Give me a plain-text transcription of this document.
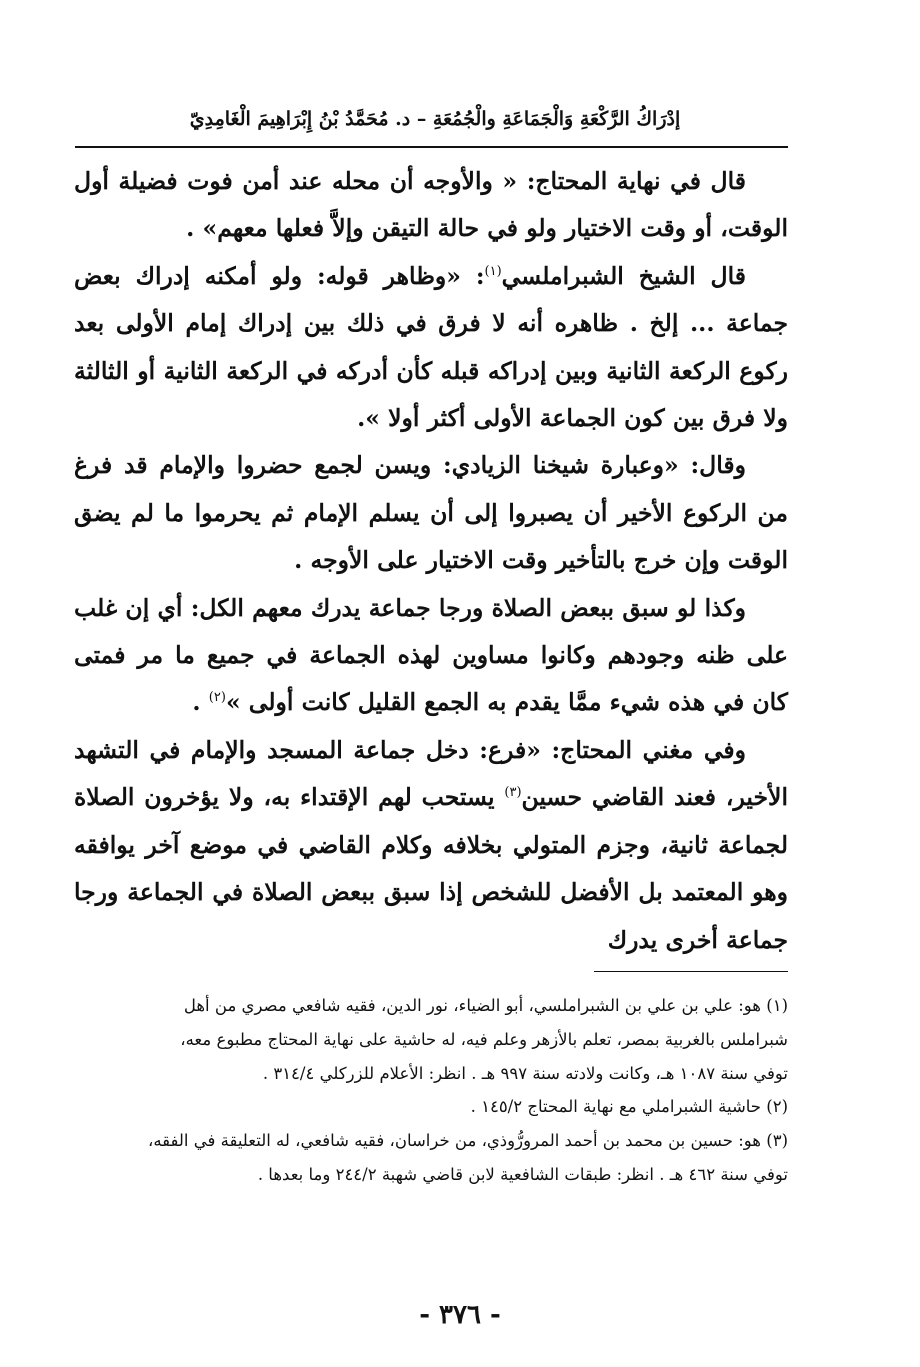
إدْرَاكُ الرَّكْعَةِ وَالْجَمَاعَةِ والْجُمُعَةِ – د. مُحَمَّدُ بْنُ إِبْرَاهِيمَ الْغَامِدِيّ

قال في نهاية المحتاج: « والأوجه أن محله عند أمن فوت فضيلة أول الوقت، أو وقت الاختيار ولو في حالة التيقن وإلاَّ فعلها معهم» .

قال الشيخ الشبراملسي$^{(١)}$: «وظاهر قوله: ولو أمكنه إدراك بعض جماعة ... إلخ . ظاهره أنه لا فرق في ذلك بين إدراك إمام الأولى بعد ركوع الركعة الثانية وبين إدراكه قبله كأن أدركه في الركعة الثانية أو الثالثة ولا فرق بين كون الجماعة الأولى أكثر أولا ».

وقال: «وعبارة شيخنا الزيادي: ويسن لجمع حضروا والإمام قد فرغ من الركوع الأخير أن يصبروا إلى أن يسلم الإمام ثم يحرموا ما لم يضق الوقت وإن خرج بالتأخير وقت الاختيار على الأوجه .

وكذا لو سبق ببعض الصلاة ورجا جماعة يدرك معهم الكل: أي إن غلب على ظنه وجودهم وكانوا مساوين لهذه الجماعة في جميع ما مر فمتى كان في هذه شيء ممَّا يقدم به الجمع القليل كانت أولى »$^{(٢)}$ .

وفي مغني المحتاج: «فرع: دخل جماعة المسجد والإمام في التشهد الأخير، فعند القاضي حسين$^{(٣)}$ يستحب لهم الإقتداء به، ولا يؤخرون الصلاة لجماعة ثانية، وجزم المتولي بخلافه وكلام القاضي في موضع آخر يوافقه وهو المعتمد بل الأفضل للشخص إذا سبق ببعض الصلاة في الجماعة ورجا جماعة أخرى يدرك

(١) هو: علي بن علي بن الشبراملسي، أبو الضياء، نور الدين، فقيه شافعي مصري من أهل

شبراملس بالغربية بمصر، تعلم بالأزهر وعلم فيه، له حاشية على نهاية المحتاج مطبوع معه،

توفي سنة ١٠٨٧ هـ، وكانت ولادته سنة ٩٩٧ هـ . انظر: الأعلام للزركلي ٣١٤/٤ .

(٢) حاشية الشبراملي مع نهاية المحتاج ١٤٥/٢ .

(٣) هو: حسين بن محمد بن أحمد المرورُّوذي، من خراسان، فقيه شافعي، له التعليقة في الفقه،

توفي سنة ٤٦٢ هـ . انظر: طبقات الشافعية لابن قاضي شهبة ٢٤٤/٢ وما بعدها .

- ٣٧٦ -
